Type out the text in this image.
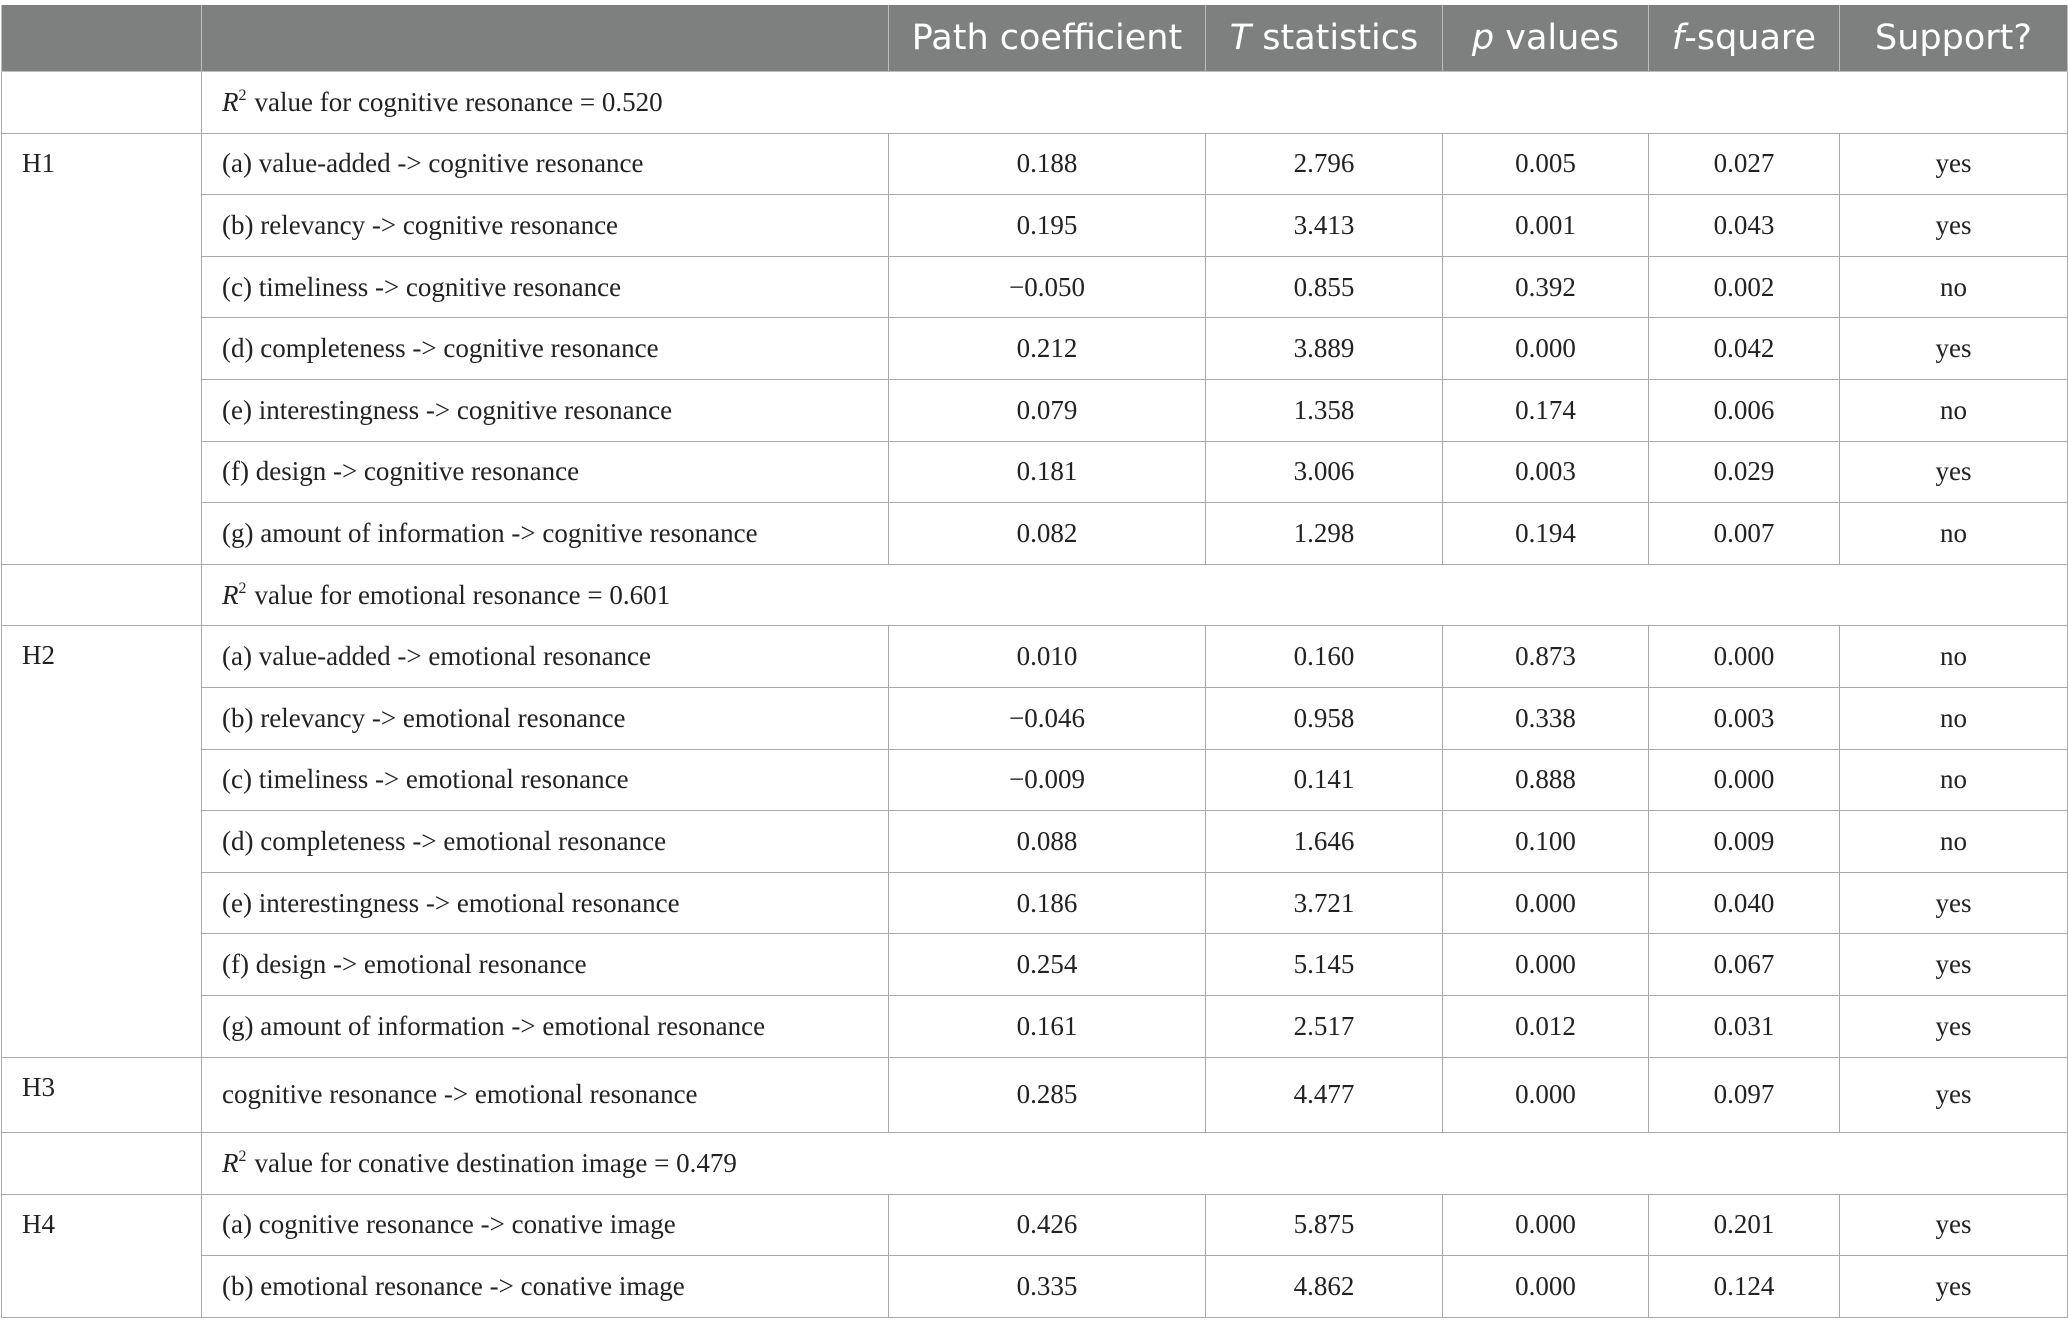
		Path coefficient	T statistics	p values	f-square	Support?
	$R^2$ value for cognitive resonance = 0.520					
H1	(a) value-added -> cognitive resonance	0.188	2.796	0.005	0.027	yes
	(b) relevancy -> cognitive resonance	0.195	3.413	0.001	0.043	yes
	(c) timeliness -> cognitive resonance	−0.050	0.855	0.392	0.002	no
	(d) completeness -> cognitive resonance	0.212	3.889	0.000	0.042	yes
	(e) interestingness -> cognitive resonance	0.079	1.358	0.174	0.006	no
	(f) design -> cognitive resonance	0.181	3.006	0.003	0.029	yes
	(g) amount of information -> cognitive resonance	0.082	1.298	0.194	0.007	no
	$R^2$ value for emotional resonance = 0.601					
H2	(a) value-added -> emotional resonance	0.010	0.160	0.873	0.000	no
	(b) relevancy -> emotional resonance	−0.046	0.958	0.338	0.003	no
	(c) timeliness -> emotional resonance	−0.009	0.141	0.888	0.000	no
	(d) completeness -> emotional resonance	0.088	1.646	0.100	0.009	no
	(e) interestingness -> emotional resonance	0.186	3.721	0.000	0.040	yes
	(f) design -> emotional resonance	0.254	5.145	0.000	0.067	yes
	(g) amount of information -> emotional resonance	0.161	2.517	0.012	0.031	yes
H3	cognitive resonance -> emotional resonance	0.285	4.477	0.000	0.097	yes
	$R^2$ value for conative destination image = 0.479					
H4	(a) cognitive resonance -> conative image	0.426	5.875	0.000	0.201	yes
	(b) emotional resonance -> conative image	0.335	4.862	0.000	0.124	yes
